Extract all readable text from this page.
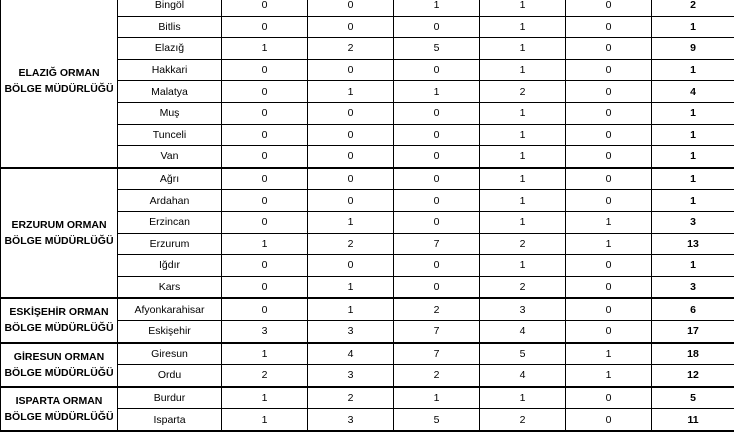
ELAZIĞ ORMAN BÖLGE MÜDÜRLÜĞÜ	Bingöl	0	0	1	1	0	2
	Bitlis	0	0	0	1	0	1
	Elazığ	1	2	5	1	0	9
	Hakkari	0	0	0	1	0	1
	Malatya	0	1	1	2	0	4
	Muş	0	0	0	1	0	1
	Tunceli	0	0	0	1	0	1
	Van	0	0	0	1	0	1
ERZURUM ORMAN BÖLGE MÜDÜRLÜĞÜ	Ağrı	0	0	0	1	0	1
	Ardahan	0	0	0	1	0	1
	Erzincan	0	1	0	1	1	3
	Erzurum	1	2	7	2	1	13
	Iğdır	0	0	0	1	0	1
	Kars	0	1	0	2	0	3
ESKİŞEHİR ORMAN BÖLGE MÜDÜRLÜĞÜ	Afyonkarahisar	0	1	2	3	0	6
	Eskişehir	3	3	7	4	0	17
GİRESUN ORMAN BÖLGE MÜDÜRLÜĞÜ	Giresun	1	4	7	5	1	18
	Ordu	2	3	2	4	1	12
ISPARTA ORMAN BÖLGE MÜDÜRLÜĞÜ	Burdur	1	2	1	1	0	5
	Isparta	1	3	5	2	0	11
